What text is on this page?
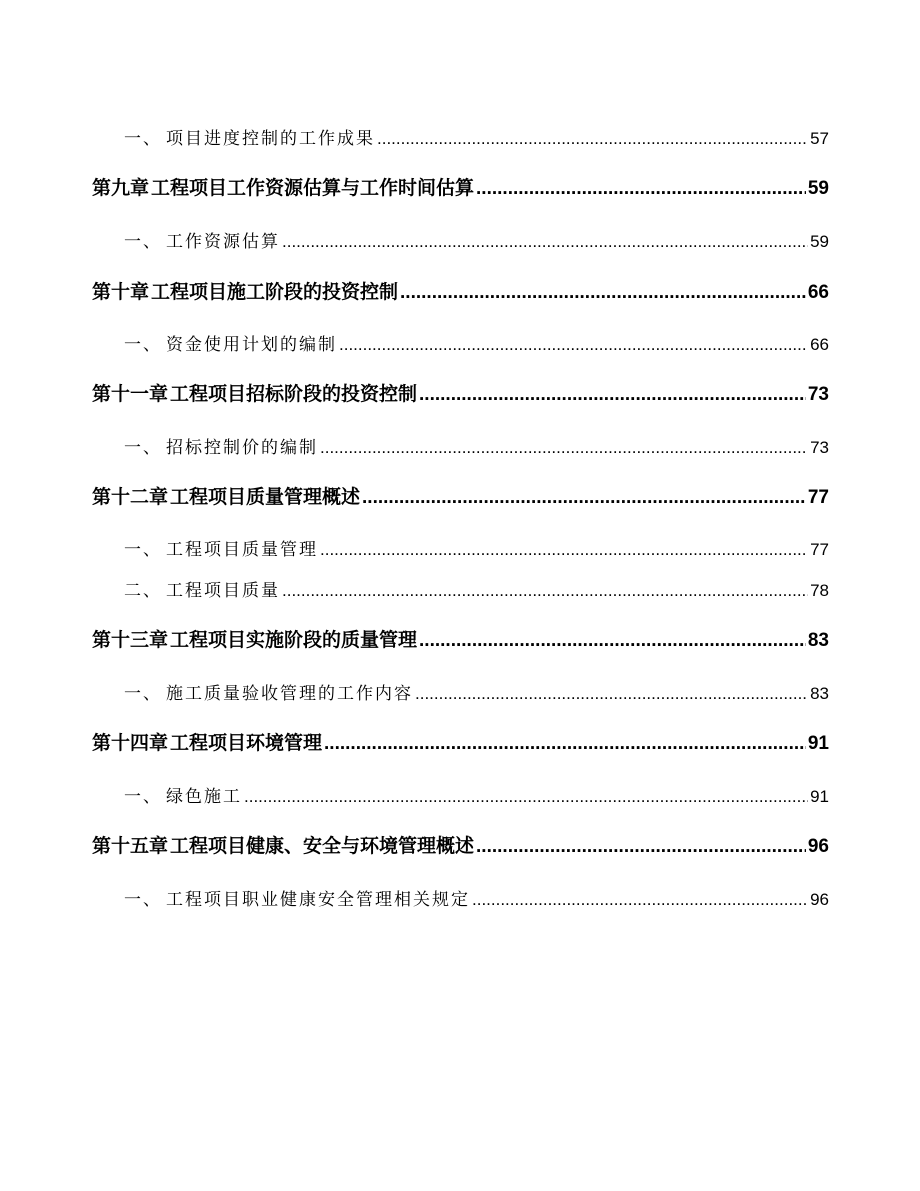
一、 项目进度控制的工作成果 .....	57
第九章 工程项目工作资源估算与工作时间估算 .....	59
一、 工作资源估算 .....	59
第十章 工程项目施工阶段的投资控制 .....	66
一、 资金使用计划的编制 .....	66
第十一章 工程项目招标阶段的投资控制 .....	73
一、 招标控制价的编制 .....	73
第十二章 工程项目质量管理概述 .....	77
一、 工程项目质量管理 .....	77
二、 工程项目质量 .....	78
第十三章 工程项目实施阶段的质量管理 .....	83
一、 施工质量验收管理的工作内容 .....	83
第十四章 工程项目环境管理 .....	91
一、 绿色施工 .....	91
第十五章 工程项目健康、安全与环境管理概述 .....	96
一、 工程项目职业健康安全管理相关规定 .....	96
